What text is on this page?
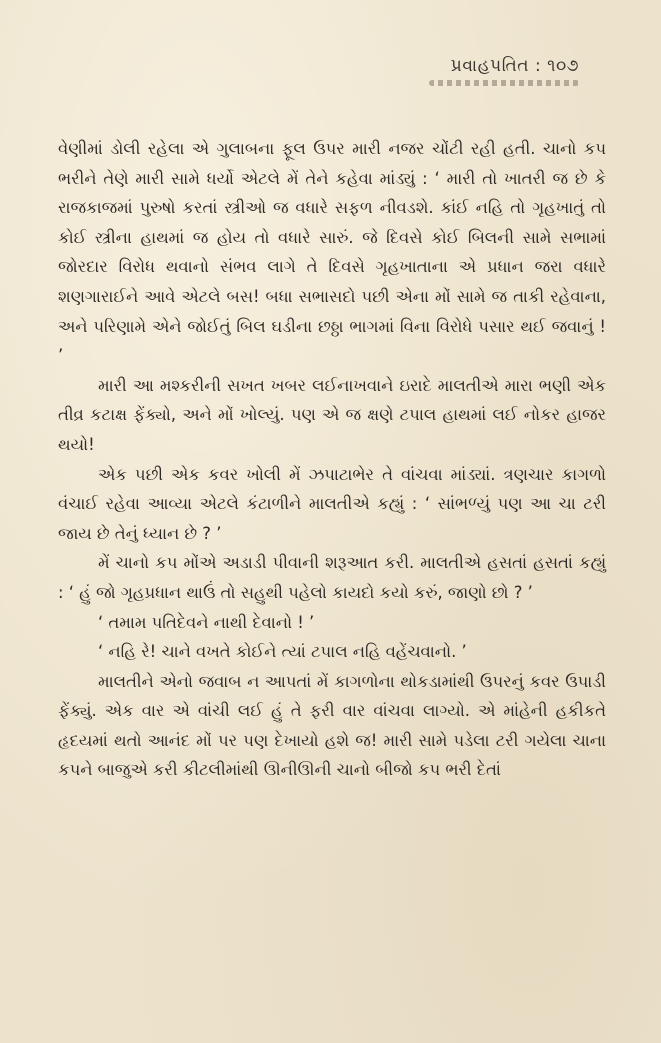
પ્રવાહપતિત : ૧૦૭

વેણીમાં ડોલી રહેલા એ ગુલાબના ફૂલ ઉપર મારી નજર ચોંટી રહી હતી. ચાનો કપ ભરીને તેણે મારી સામે ધર્યો એટલે મેં તેને કહેવા માંડ્યું : ‘ મારી તો ખાતરી જ છે કે રાજકાજમાં પુરુષો કરતાં સ્ત્રીઓ જ વધારે સફળ નીવડશે. કાંઈ નહિ તો ગૃહખાતું તો કોઈ સ્ત્રીના હાથમાં જ હોય તો વધારે સારું. જે દિવસે કોઈ બિલની સામે સભામાં જોરદાર વિરોધ થવાનો સંભવ લાગે તે દિવસે ગૃહખાતાના એ પ્રધાન જરા વધારે શણગારાઈને આવે એટલે બસ! બધા સભાસદો પછી એના મોં સામે જ તાકી રહેવાના, અને પરિણામે એને જોઈતું બિલ ઘડીના છઠ્ઠા ભાગમાં વિના વિરોધે પસાર થઈ જવાનું ! ’

મારી આ મશ્કરીની સખત ખબર લઈનાખવાને ઇરાદે માલતીએ મારા ભણી એક તીવ્ર કટાક્ષ ફેંક્યો, અને મોં ખોલ્યું. પણ એ જ ક્ષણે ટપાલ હાથમાં લઈ નોકર હાજર થયો!

એક પછી એક કવર ખોલી મેં ઝપાટાભેર તે વાંચવા માંડ્યાં. ત્રણચાર કાગળો વંચાઈ રહેવા આવ્યા એટલે કંટાળીને માલતીએ કહ્યું : ‘ સાંભળ્યું પણ આ ચા ટરી જાય છે તેનું ધ્યાન છે ? ’

મેં ચાનો કપ મોંએ અડાડી પીવાની શરૂઆત કરી. માલતીએ હસતાં હસતાં કહ્યું : ‘ હું જો ગૃહપ્રધાન થાઉં તો સહુથી પહેલો કાયદો કયો કરું, જાણો છો ? ’

‘ તમામ પતિદેવને નાથી દેવાનો ! ’

‘ નહિ રે! ચાને વખતે કોઈને ત્યાં ટપાલ નહિ વહેંચવાનો. ’

માલતીને એનો જવાબ ન આપતાં મેં કાગળોના થોકડામાંથી ઉપરનું કવર ઉપાડી ફેંક્યું. એક વાર એ વાંચી લઈ હું તે ફરી વાર વાંચવા લાગ્યો. એ માંહેની હકીકતે હૃદયમાં થતો આનંદ મોં પર પણ દેખાયો હશે જ! મારી સામે પડેલા ટરી ગયેલા ચાના કપને બાજુએ કરી કીટલીમાંથી ઊનીઊની ચાનો બીજો કપ ભરી દેતાં
